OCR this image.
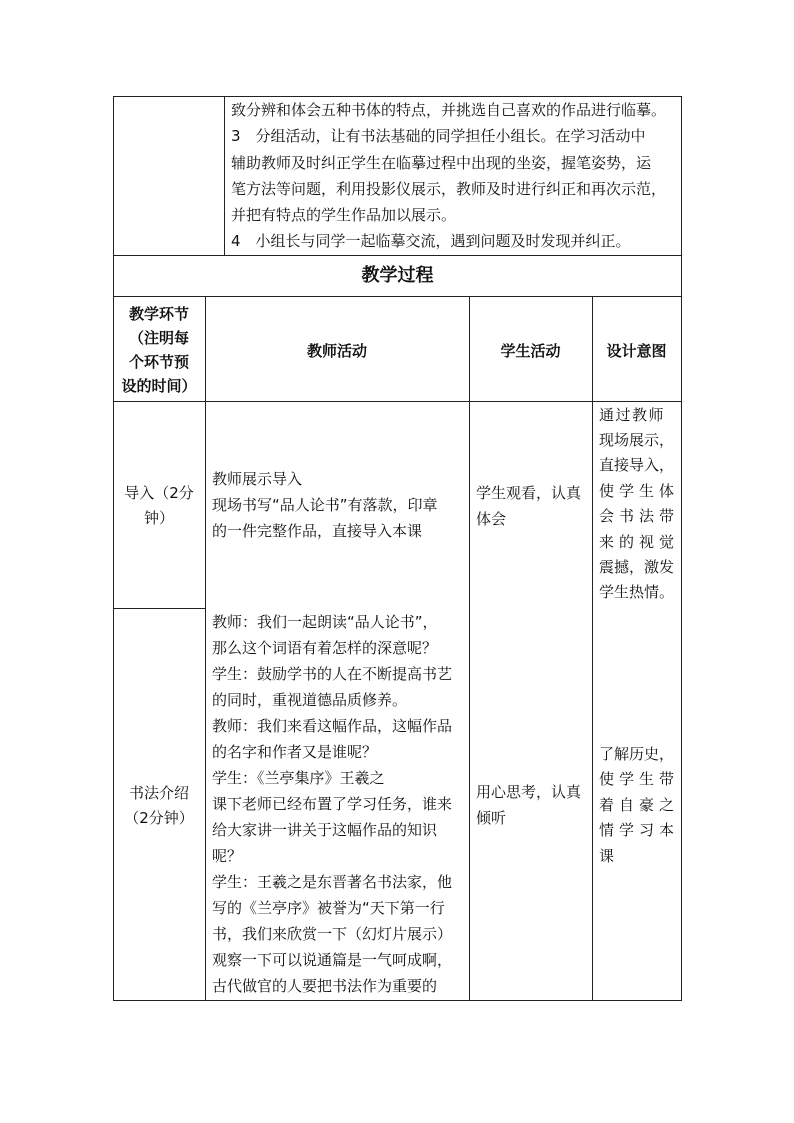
致分辨和体会五种书体的特点，并挑选自己喜欢的作品进行临摹。
3　分组活动，让有书法基础的同学担任小组长。在学习活动中
辅助教师及时纠正学生在临摹过程中出现的坐姿，握笔姿势，运
笔方法等问题，利用投影仪展示，教师及时进行纠正和再次示范，
并把有特点的学生作品加以展示。
4　小组长与同学一起临摹交流，遇到问题及时发现并纠正。
教学过程
教学环节
（注明每
个环节预
设的时间）
教师活动	学生活动	设计意图
导入（2分
钟）
教师展示导入
现场书写“品人论书”有落款，印章
的一件完整作品，直接导入本课
学生观看，认真
体会
通过教师
现场展示，
直接导入，
使学生体
会书法带
来的视觉
震撼，激发
学生热情。
书法介绍
（2分钟）
教师：我们一起朗读“品人论书”，
那么这个词语有着怎样的深意呢？
学生：鼓励学书的人在不断提高书艺
的同时，重视道德品质修养。
教师：我们来看这幅作品，这幅作品
的名字和作者又是谁呢？
学生：《兰亭集序》王羲之
课下老师已经布置了学习任务，谁来
给大家讲一讲关于这幅作品的知识
呢？
学生：王羲之是东晋著名书法家，他
写的《兰亭序》被誉为“天下第一行
书，我们来欣赏一下（幻灯片展示）
观察一下可以说通篇是一气呵成啊，
古代做官的人要把书法作为重要的
用心思考，认真
倾听
了解历史，
使学生带
着自豪之
情学习本
课
